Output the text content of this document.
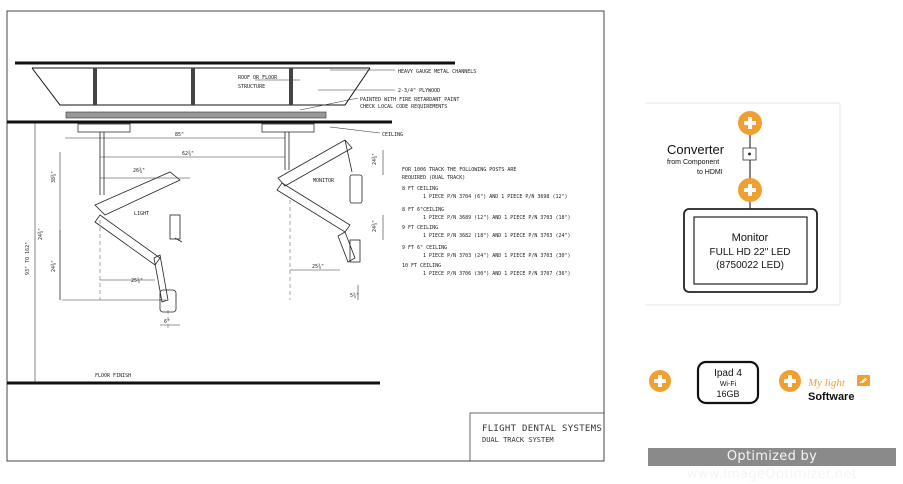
ROOF OR FLOOR
STRUCTURE
HEAVY GAUGE METAL CHANNELS
2-3/4" PLYWOOD
PAINTED WITH FIRE RETARDANT PAINT
CHECK LOCAL CODE REQUIREMENTS
CEILING
MONITOR
LIGHT
FLOOR FINISH
85"
62¾"
26¾"
38¾"
24¾"
25¾"
24¾"
24¾"
25¾"
6"
93" TO 162"
24¾"
5¾"
FOR 1006 TRACK THE FOLLOWING POSTS ARE
REQUIRED (DUAL TRACK)
8 FT CEILING
1 PIECE P/N 3704 (6") AND 1 PIECE P/N 3698 (12")
8 FT 6"CEILING
1 PIECE P/N 3689 (12") AND 1 PIECE P/N 3703 (18")
9 FT CEILING
1 PIECE P/N 3682 (18") AND 1 PIECE P/N 3703 (24")
9 FT 6" CEILING
1 PIECE P/N 3703 (24") AND 1 PIECE P/N 3703 (30")
10 FT CEILING
1 PIECE P/N 3706 (30") AND 1 PIECE P/N 3707 (36")
Converter
from Component
to HDMI
Monitor
FULL HD 22" LED
(8750022 LED)
Ipad 4
Wi-Fi
16GB
My light
Software
FLIGHT DENTAL SYSTEMS
DUAL TRACK SYSTEM
Optimized by www.ImageOptimizer.net
